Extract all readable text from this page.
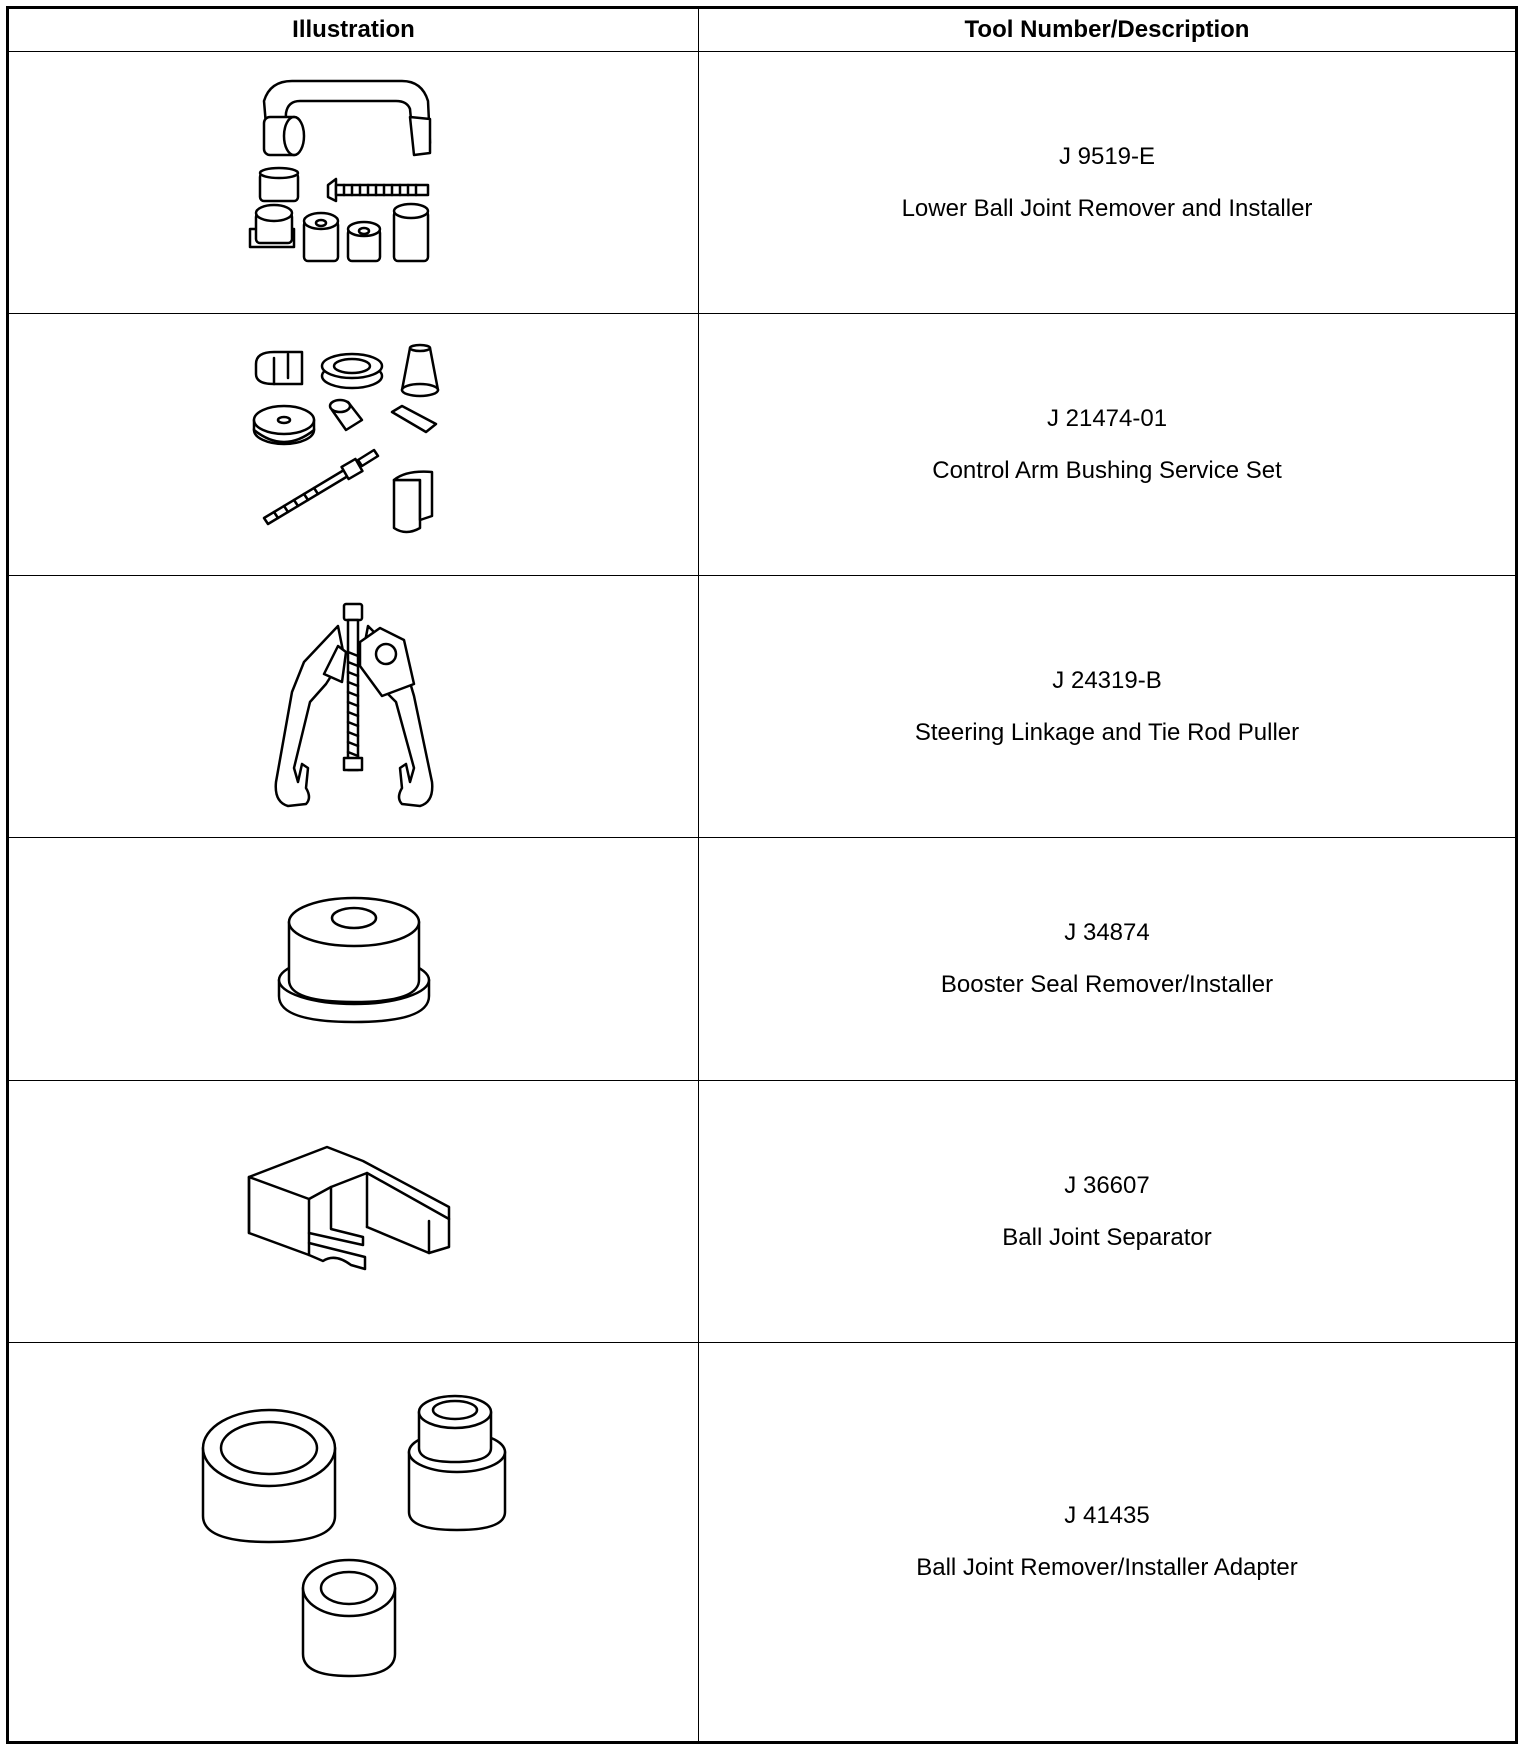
Illustration	Tool Number/Description

J 9519-E
Lower Ball Joint Remover and Installer

J 21474-01
Control Arm Bushing Service Set

J 24319-B
Steering Linkage and Tie Rod Puller

J 34874
Booster Seal Remover/Installer

J 36607
Ball Joint Separator

J 41435
Ball Joint Remover/Installer Adapter
